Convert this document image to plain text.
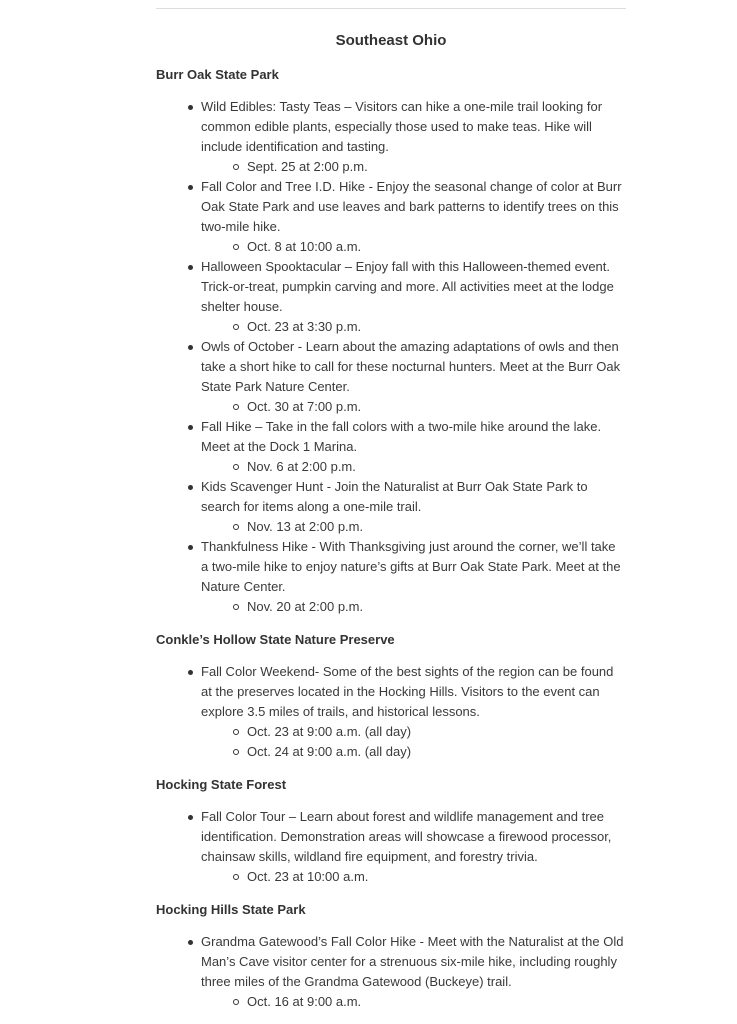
Southeast Ohio
Burr Oak State Park
Wild Edibles: Tasty Teas – Visitors can hike a one-mile trail looking for common edible plants, especially those used to make teas. Hike will include identification and tasting.
Sept. 25 at 2:00 p.m.
Fall Color and Tree I.D. Hike - Enjoy the seasonal change of color at Burr Oak State Park and use leaves and bark patterns to identify trees on this two-mile hike.
Oct. 8 at 10:00 a.m.
Halloween Spooktacular – Enjoy fall with this Halloween-themed event. Trick-or-treat, pumpkin carving and more. All activities meet at the lodge shelter house.
Oct. 23 at 3:30 p.m.
Owls of October - Learn about the amazing adaptations of owls and then take a short hike to call for these nocturnal hunters. Meet at the Burr Oak State Park Nature Center.
Oct. 30 at 7:00 p.m.
Fall Hike – Take in the fall colors with a two-mile hike around the lake. Meet at the Dock 1 Marina.
Nov. 6 at 2:00 p.m.
Kids Scavenger Hunt - Join the Naturalist at Burr Oak State Park to search for items along a one-mile trail.
Nov. 13 at 2:00 p.m.
Thankfulness Hike - With Thanksgiving just around the corner, we’ll take a two-mile hike to enjoy nature’s gifts at Burr Oak State Park. Meet at the Nature Center.
Nov. 20 at 2:00 p.m.
Conkle’s Hollow State Nature Preserve
Fall Color Weekend- Some of the best sights of the region can be found at the preserves located in the Hocking Hills. Visitors to the event can explore 3.5 miles of trails, and historical lessons.
Oct. 23 at 9:00 a.m. (all day)
Oct. 24 at 9:00 a.m. (all day)
Hocking State Forest
Fall Color Tour – Learn about forest and wildlife management and tree identification. Demonstration areas will showcase a firewood processor, chainsaw skills, wildland fire equipment, and forestry trivia.
Oct. 23 at 10:00 a.m.
Hocking Hills State Park
Grandma Gatewood’s Fall Color Hike - Meet with the Naturalist at the Old Man’s Cave visitor center for a strenuous six-mile hike, including roughly three miles of the Grandma Gatewood (Buckeye) trail.
Oct. 16 at 9:00 a.m.
